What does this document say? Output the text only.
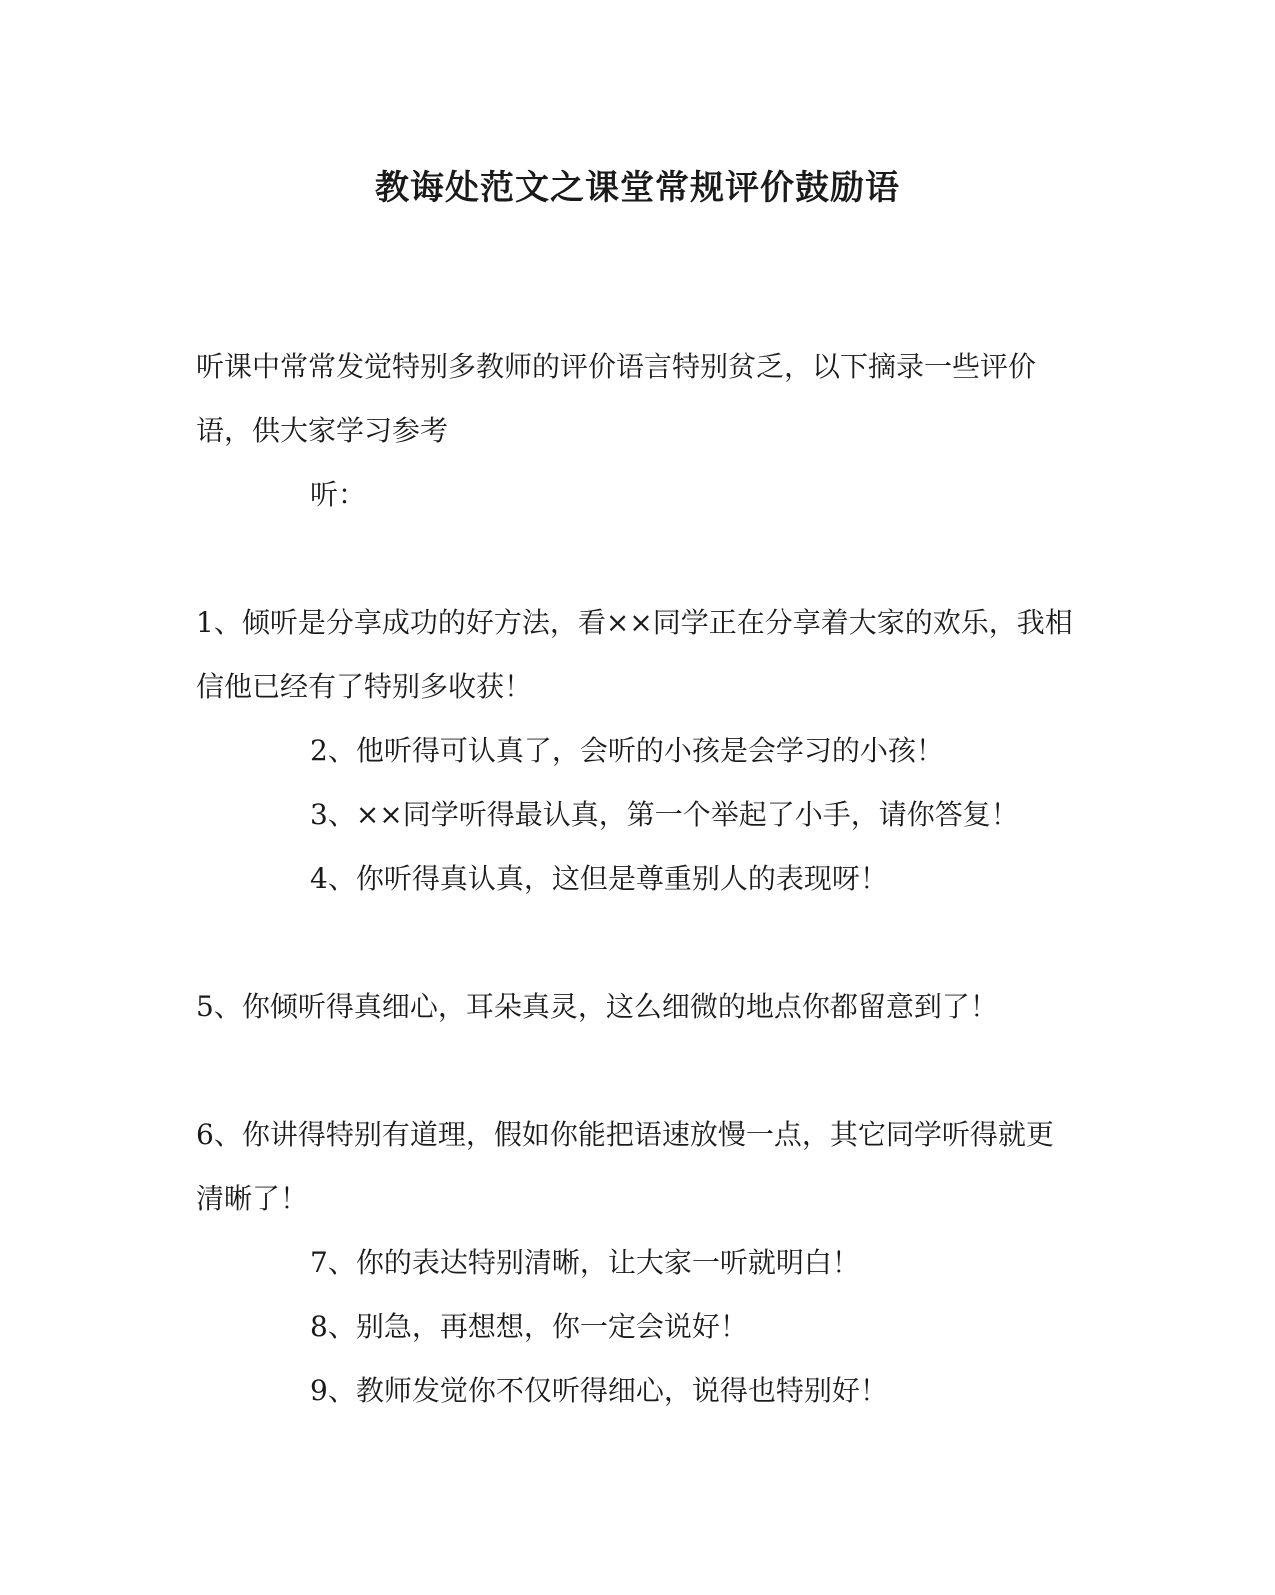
教诲处范文之课堂常规评价鼓励语

听课中常常发觉特别多教师的评价语言特别贫乏，以下摘录一些评价语，供大家学习参考

听：

1、倾听是分享成功的好方法，看××同学正在分享着大家的欢乐，我相信他已经有了特别多收获！

2、他听得可认真了，会听的小孩是会学习的小孩！

3、××同学听得最认真，第一个举起了小手，请你答复！

4、你听得真认真，这但是尊重别人的表现呀！

5、你倾听得真细心，耳朵真灵，这么细微的地点你都留意到了！

6、你讲得特别有道理，假如你能把语速放慢一点，其它同学听得就更清晰了！

7、你的表达特别清晰，让大家一听就明白！

8、别急，再想想，你一定会说好！

9、教师发觉你不仅听得细心，说得也特别好！
